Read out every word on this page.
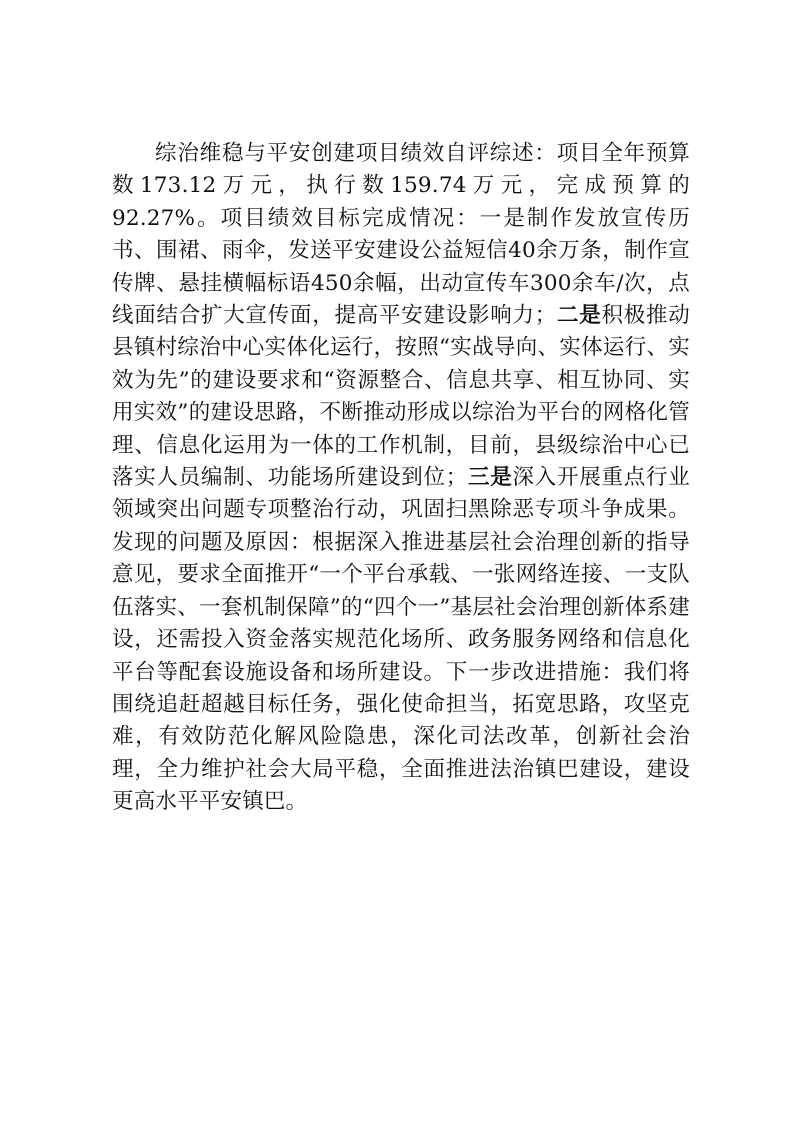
综治维稳与平安创建项目绩效自评综述：项目全年预算数173.12万元，执行数159.74万元，完成预算的92.27%。项目绩效目标完成情况：一是制作发放宣传历书、围裙、雨伞，发送平安建设公益短信40余万条，制作宣传牌、悬挂横幅标语450余幅，出动宣传车300余车/次，点线面结合扩大宣传面，提高平安建设影响力；二是积极推动县镇村综治中心实体化运行，按照“实战导向、实体运行、实效为先”的建设要求和“资源整合、信息共享、相互协同、实用实效”的建设思路，不断推动形成以综治为平台的网格化管理、信息化运用为一体的工作机制，目前，县级综治中心已落实人员编制、功能场所建设到位；三是深入开展重点行业领域突出问题专项整治行动，巩固扫黑除恶专项斗争成果。发现的问题及原因：根据深入推进基层社会治理创新的指导意见，要求全面推开“一个平台承载、一张网络连接、一支队伍落实、一套机制保障”的“四个一”基层社会治理创新体系建设，还需投入资金落实规范化场所、政务服务网络和信息化平台等配套设施设备和场所建设。下一步改进措施：我们将围绕追赶超越目标任务，强化使命担当，拓宽思路，攻坚克难，有效防范化解风险隐患，深化司法改革，创新社会治理，全力维护社会大局平稳，全面推进法治镇巴建设，建设更高水平平安镇巴。
